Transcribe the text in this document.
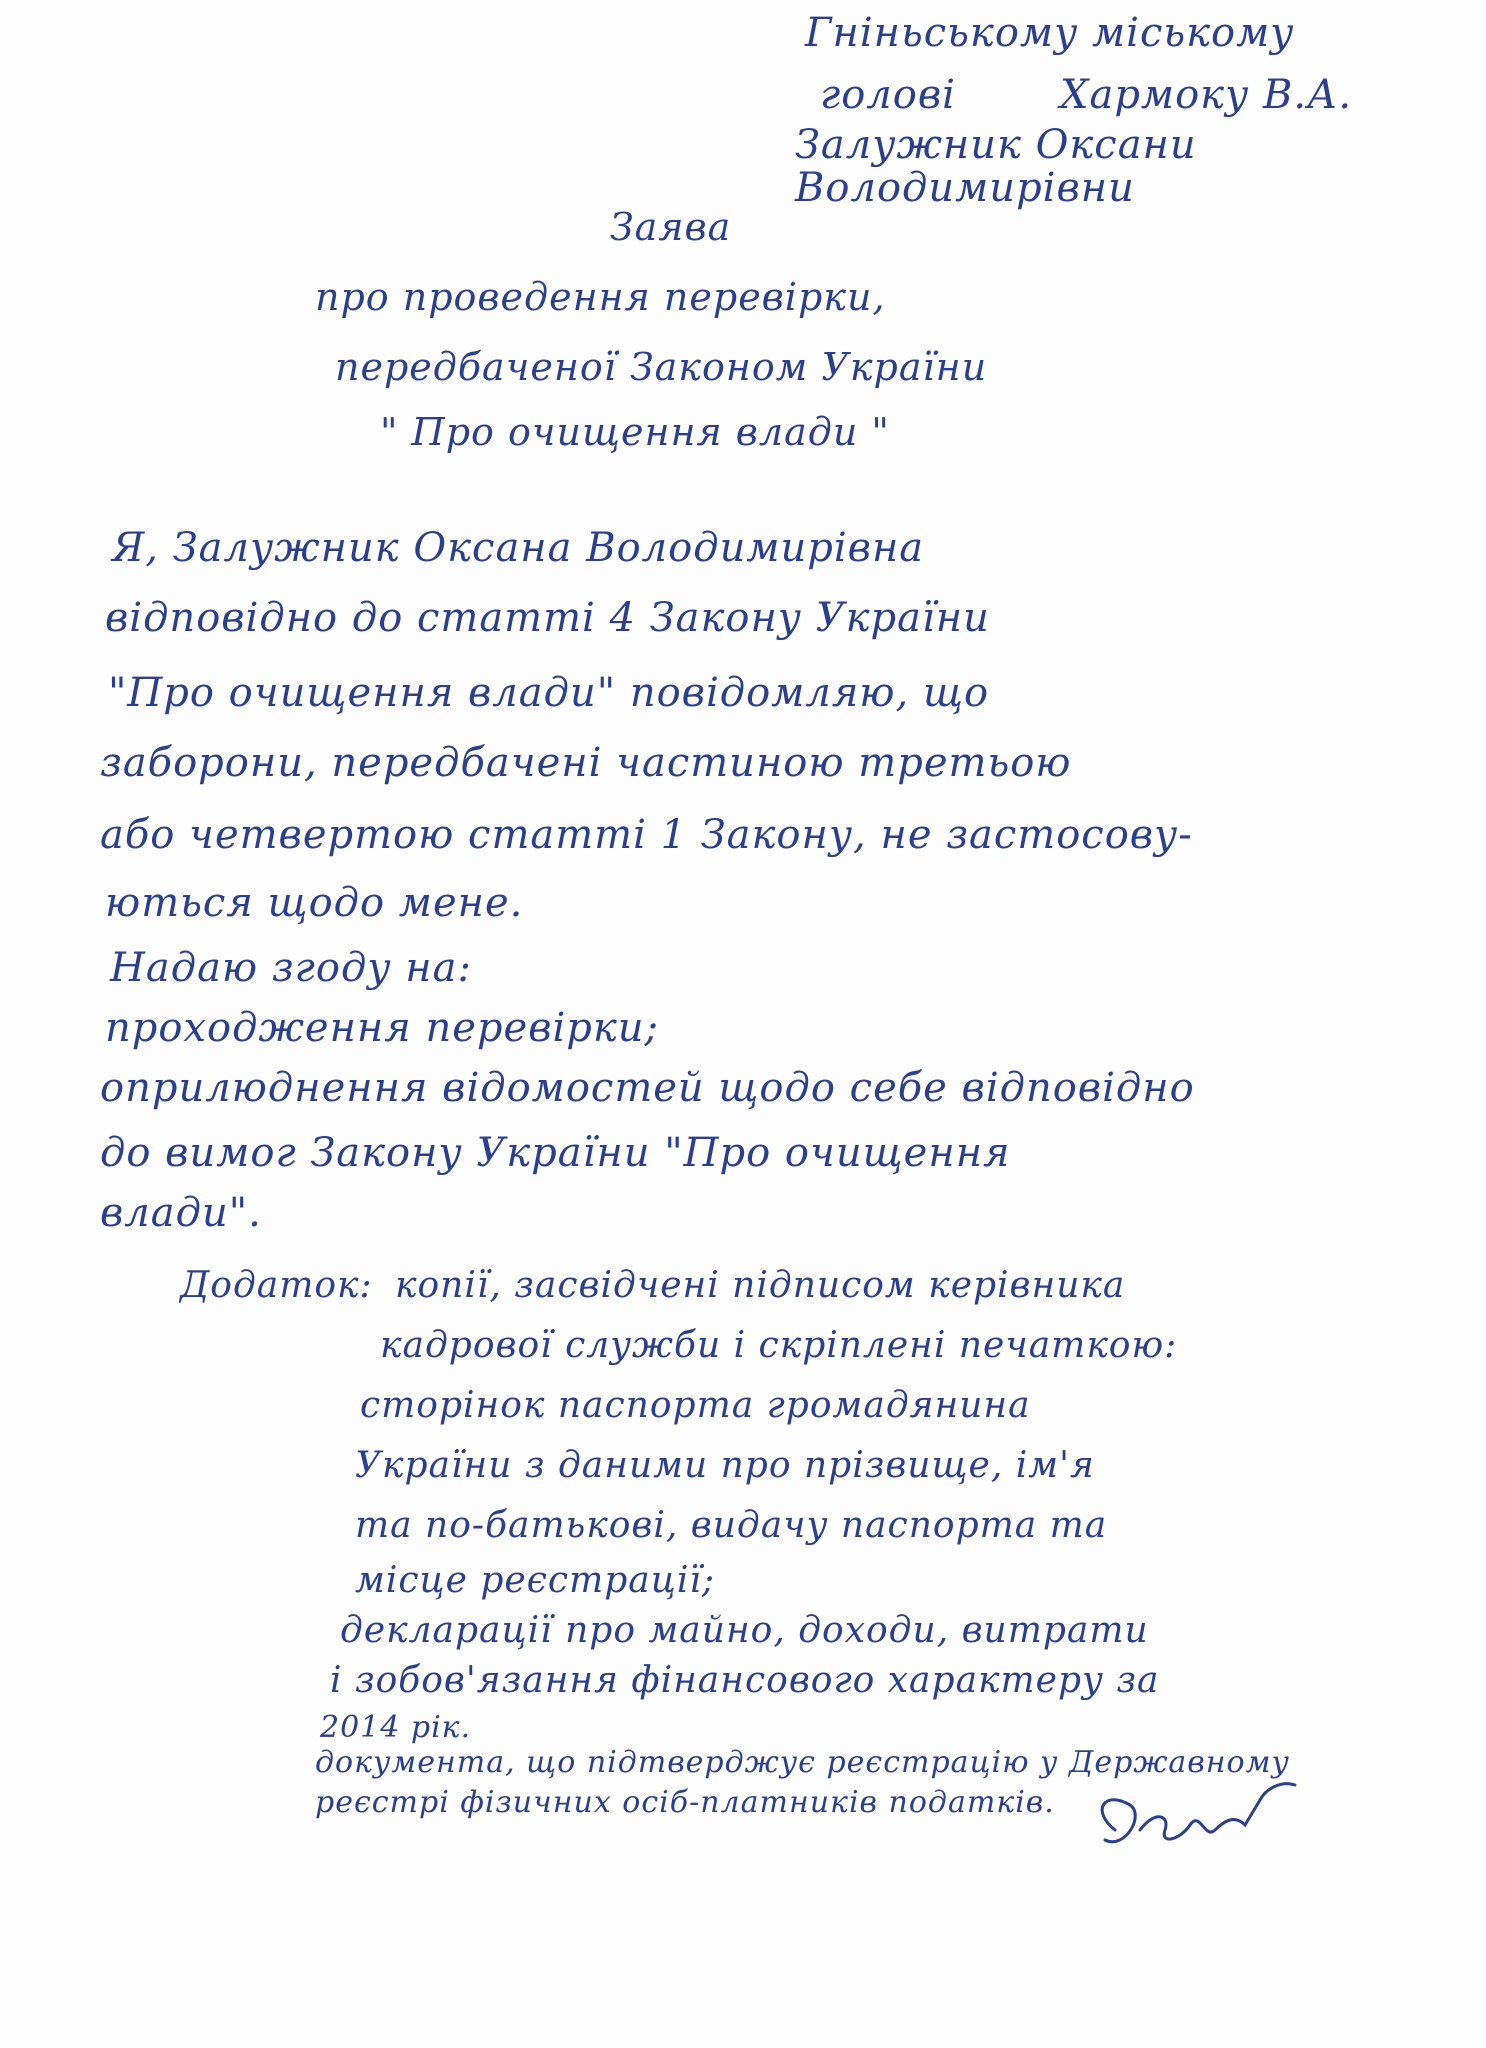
Гніньському міському
голові	Хармоку В.А.
Залужник Оксани
Володимирівни
Заява
про проведення перевірки,
передбаченої Законом України
" Про очищення влади "
Я, Залужник Оксана Володимирівна
відповідно до статті 4 Закону України
"Про очищення влади" повідомляю, що
заборони, передбачені частиною третьою
або четвертою статті 1 Закону, не застосову-
ються щодо мене.
Надаю згоду на:
проходження перевірки;
оприлюднення відомостей щодо себе відповідно
до вимог Закону України "Про очищення
влади".
Додаток: копії, засвідчені підписом керівника
кадрової служби і скріплені печаткою:
сторінок паспорта громадянина
України з даними про прізвище, ім'я
та по-батькові, видачу паспорта та
місце реєстрації;
декларації про майно, доходи, витрати
і зобов'язання фінансового характеру за
2014 рік.
документа, що підтверджує реєстрацію у Державному
реєстрі фізичних осіб-платників податків.
